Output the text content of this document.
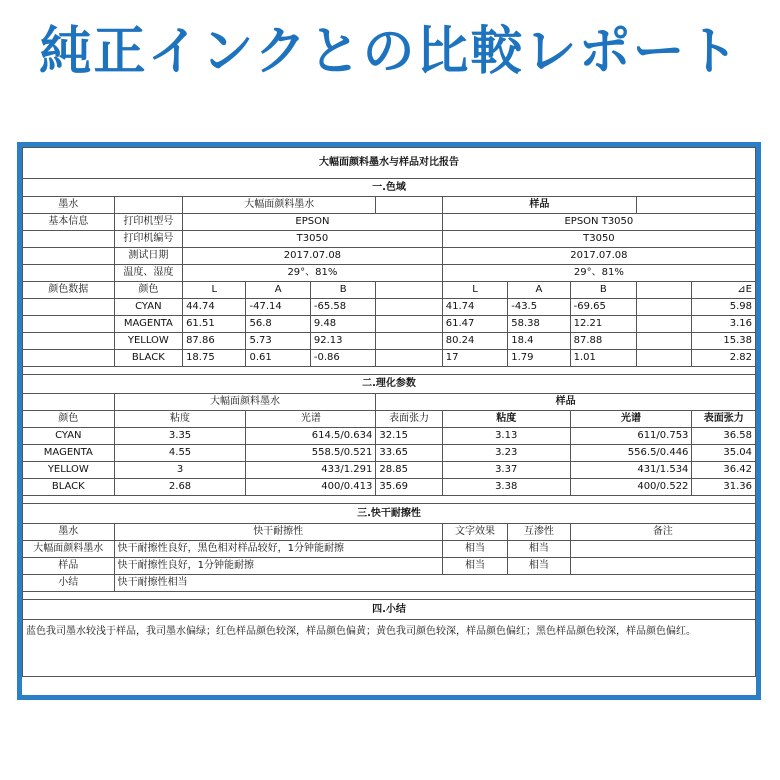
純正インクとの比較レポート
大幅面颜料墨水与样品对比报告										
一.色域										
墨水		大幅面颜料墨水				样品				
基本信息	打印机型号	EPSON				EPSON T3050				
	打印机编号	T3050				T3050				
	测试日期	2017.07.08				2017.07.08				
	温度、湿度	29°、81%				29°、81%				
颜色数据	颜色	L	A	B		L	A	B		⊿E
	CYAN	44.74	-47.14	-65.58		41.74	-43.5	-69.65		5.98
	MAGENTA	61.51	56.8	9.48		61.47	58.38	12.21		3.16
	YELLOW	87.86	5.73	92.13		80.24	18.4	87.88		15.38
	BLACK	18.75	0.61	-0.86		17	1.79	1.01		2.82

二.理化参数										
	大幅面颜料墨水				样品					
颜色	粘度		光谱		表面张力	粘度		光谱		表面张力
CYAN	3.35		614.5/0.634		32.15	3.13		611/0.753		36.58
MAGENTA	4.55		558.5/0.521		33.65	3.23		556.5/0.446		35.04
YELLOW	3		433/1.291		28.85	3.37		431/1.534		36.42
BLACK	2.68		400/0.413		35.69	3.38		400/0.522		31.36

三.快干耐擦性										
墨水	快干耐擦性					文字效果	互渗性	备注		
大幅面颜料墨水	快干耐擦性良好，黑色相对样品较好，1分钟能耐擦					相当	相当			
样品	快干耐擦性良好，1分钟能耐擦					相当	相当			
小结	快干耐擦性相当									

四.小结										
蓝色我司墨水较浅于样品，我司墨水偏绿；红色样品颜色较深，样品颜色偏黄；黄色我司颜色较深，样品颜色偏红；黑色样品颜色较深，样品颜色偏红。										
